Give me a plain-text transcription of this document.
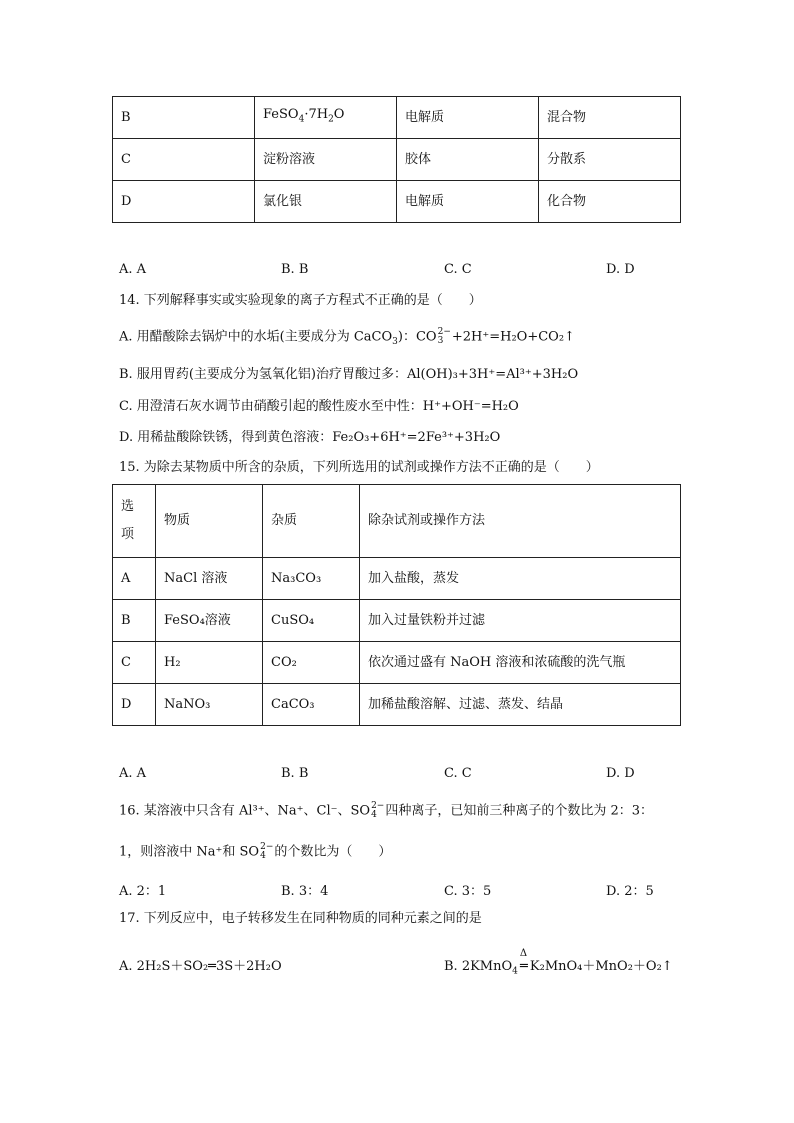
B	$FeSO_4\cdot 7H_2O$	电解质	混合物
C	淀粉溶液	胶体	分散系
D	氯化银	电解质	化合物
A. A	B. B	C. C	D. D
14. 下列解释事实或实验现象的离子方程式不正确的是（　　）
A. 用醋酸除去锅炉中的水垢(主要成分为 CaCO$_3$)：CO 2−
3 +2H⁺=H₂O+CO₂↑
B. 服用胃药(主要成分为氢氧化铝)治疗胃酸过多：Al(OH)₃+3H⁺=Al³⁺+3H₂O
C. 用澄清石灰水调节由硝酸引起的酸性废水至中性：H⁺+OH⁻=H₂O
D. 用稀盐酸除铁锈，得到黄色溶液：Fe₂O₃+6H⁺=2Fe³⁺+3H₂O
15. 为除去某物质中所含的杂质，下列所选用的试剂或操作方法不正确的是（　　）
选
项	物质	杂质	除杂试剂或操作方法
A	NaCl 溶液	Na₃CO₃	加入盐酸，蒸发
B	FeSO₄溶液	CuSO₄	加入过量铁粉并过滤
C	H₂	CO₂	依次通过盛有 NaOH 溶液和浓硫酸的洗气瓶
D	NaNO₃	CaCO₃	加稀盐酸溶解、过滤、蒸发、结晶
A. A	B. B	C. C	D. D
16. 某溶液中只含有 Al³⁺、Na⁺、Cl⁻、SO 2−
4 四种离子，已知前三种离子的个数比为 2：3：
1，则溶液中 Na⁺和 SO 2−
4 的个数比为（　　）
A. 2：1	B. 3：4	C. 3：5	D. 2：5
17. 下列反应中，电子转移发生在同种物质的同种元素之间的是
A. 2H₂S＋SO₂═3S＋2H₂O	B. 2KMnO$_4$
Δ
═ K₂MnO₄＋MnO₂＋O₂↑
